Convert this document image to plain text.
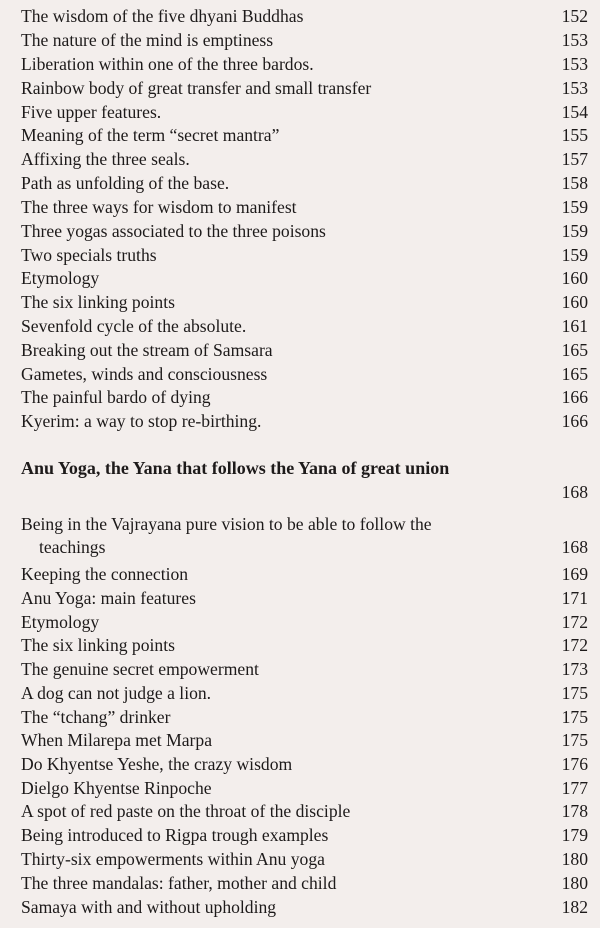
The wisdom of the five dhyani Buddhas	152
The nature of the mind is emptiness	153
Liberation within one of the three bardos.	153
Rainbow body of great transfer and small transfer	153
Five upper features.	154
Meaning of the term “secret mantra”	155
Affixing the three seals.	157
Path as unfolding of the base.	158
The three ways for wisdom to manifest	159
Three yogas associated to the three poisons	159
Two specials truths	159
Etymology	160
The six linking points	160
Sevenfold cycle of the absolute.	161
Breaking out the stream of Samsara	165
Gametes, winds and consciousness	165
The painful bardo of dying	166
Kyerim: a way to stop re-birthing.	166
Anu Yoga, the Yana that follows the Yana of great union
168
Being in the Vajrayana pure vision to be able to follow the teachings	168
Keeping the connection	169
Anu Yoga: main features	171
Etymology	172
The six linking points	172
The genuine secret empowerment	173
A dog can not judge a lion.	175
The “tchang” drinker	175
When Milarepa met Marpa	175
Do Khyentse Yeshe, the crazy wisdom	176
Dielgo Khyentse Rinpoche	177
A spot of red paste on the throat of the disciple	178
Being introduced to Rigpa trough examples	179
Thirty-six empowerments within Anu yoga	180
The three mandalas: father, mother and child	180
Samaya with and without upholding	182
